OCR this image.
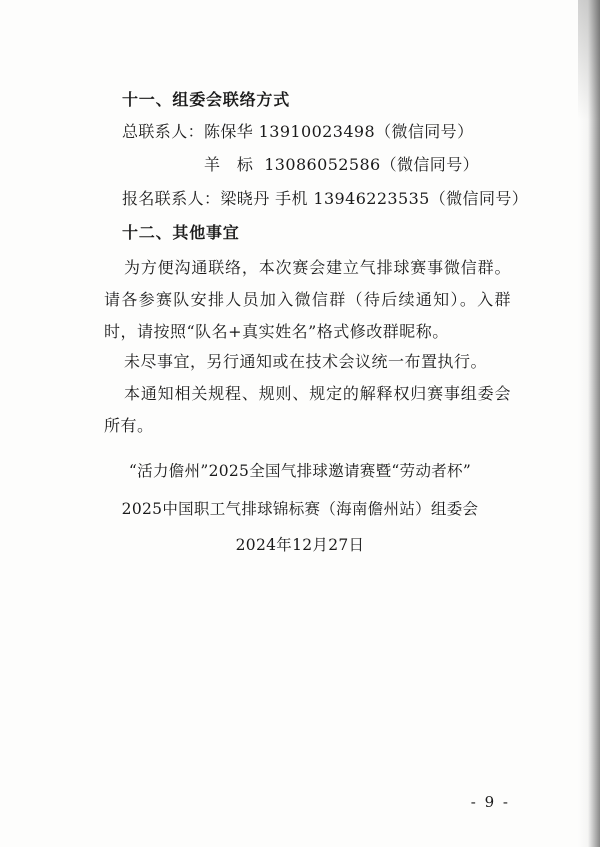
十一、组委会联络方式
总联系人：陈保华 13910023498（微信同号）
羊   标  13086052586（微信同号）
报名联系人：梁晓丹 手机 13946223535（微信同号）
十二、其他事宜
为方便沟通联络，本次赛会建立气排球赛事微信群。请各参赛队安排人员加入微信群（待后续通知）。入群时，请按照“队名+真实姓名”格式修改群昵称。
未尽事宜，另行通知或在技术会议统一布置执行。
本通知相关规程、规则、规定的解释权归赛事组委会所有。
“活力儋州”2025全国气排球邀请赛暨“劳动者杯”
2025中国职工气排球锦标赛（海南儋州站）组委会
2024年12月27日
- 9 -
